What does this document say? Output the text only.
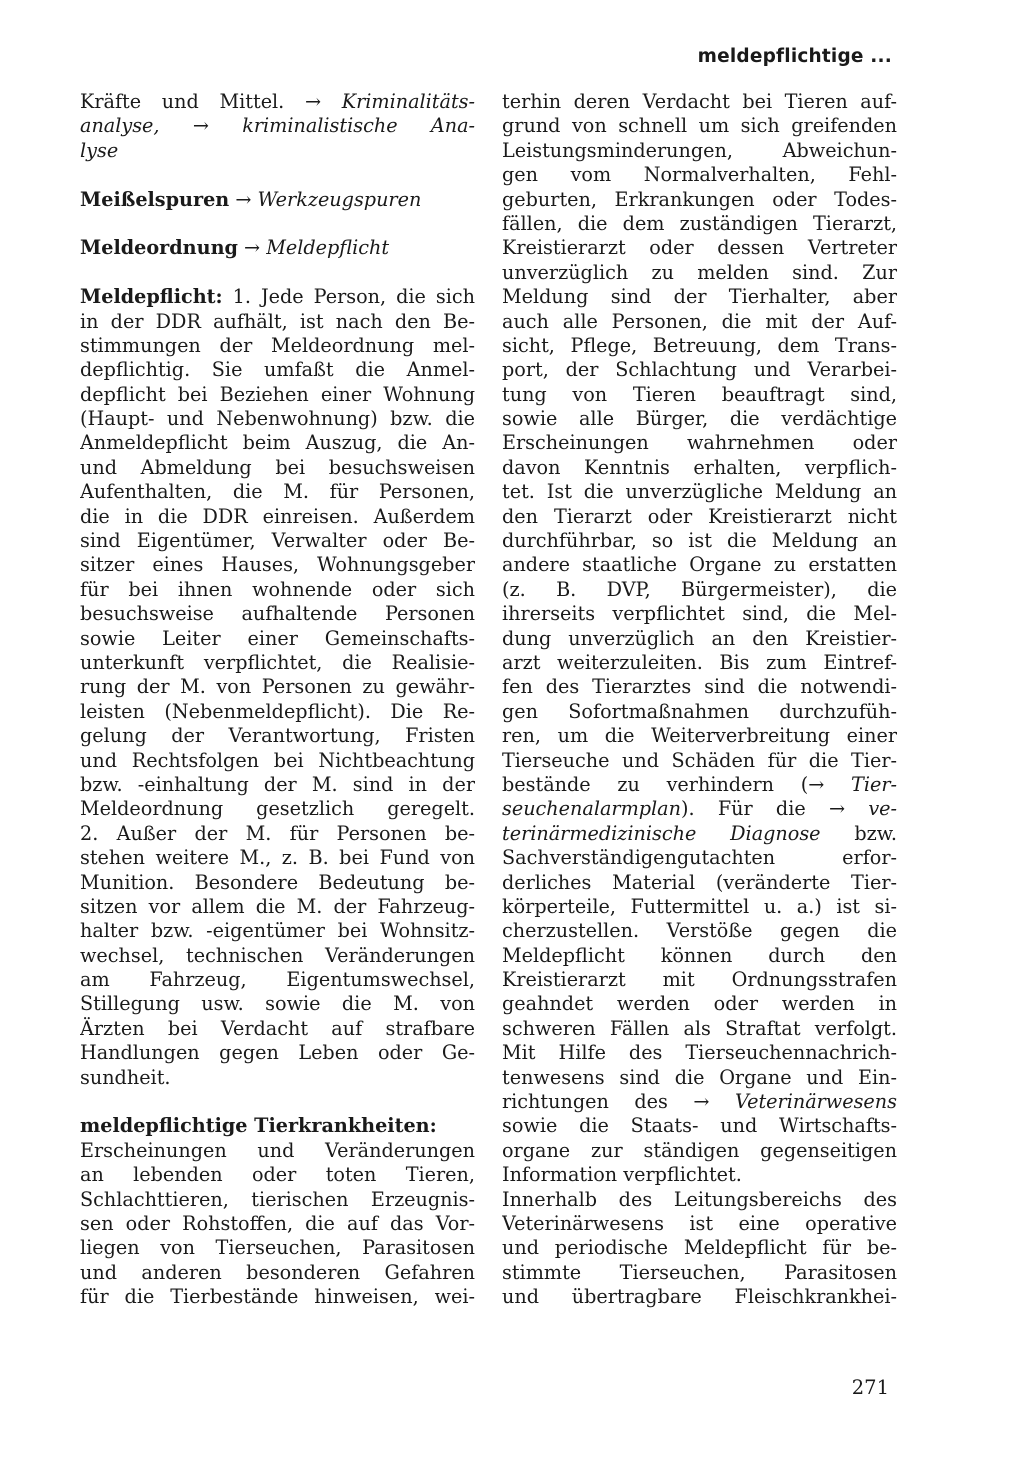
meldepflichtige ...
Kräfte und Mittel. → Kriminalitäts-
analyse, → kriminalistische Ana-
lyse
Meißelspuren → Werkzeugspuren
Meldeordnung → Meldepflicht
Meldepflicht: 1. Jede Person, die sich
in der DDR aufhält, ist nach den Be-
stimmungen der Meldeordnung mel-
depflichtig. Sie umfaßt die Anmel-
depflicht bei Beziehen einer Wohnung
(Haupt- und Nebenwohnung) bzw. die
Anmeldepflicht beim Auszug, die An-
und Abmeldung bei besuchsweisen
Aufenthalten, die M. für Personen,
die in die DDR einreisen. Außerdem
sind Eigentümer, Verwalter oder Be-
sitzer eines Hauses, Wohnungsgeber
für bei ihnen wohnende oder sich
besuchsweise aufhaltende Personen
sowie Leiter einer Gemeinschafts-
unterkunft verpflichtet, die Realisie-
rung der M. von Personen zu gewähr-
leisten (Nebenmeldepflicht). Die Re-
gelung der Verantwortung, Fristen
und Rechtsfolgen bei Nichtbeachtung
bzw. -einhaltung der M. sind in der
Meldeordnung gesetzlich geregelt.
2. Außer der M. für Personen be-
stehen weitere M., z. B. bei Fund von
Munition. Besondere Bedeutung be-
sitzen vor allem die M. der Fahrzeug-
halter bzw. -eigentümer bei Wohnsitz-
wechsel, technischen Veränderungen
am Fahrzeug, Eigentumswechsel,
Stillegung usw. sowie die M. von
Ärzten bei Verdacht auf strafbare
Handlungen gegen Leben oder Ge-
sundheit.
meldepflichtige Tierkrankheiten:
Erscheinungen und Veränderungen
an lebenden oder toten Tieren,
Schlachttieren, tierischen Erzeugnis-
sen oder Rohstoffen, die auf das Vor-
liegen von Tierseuchen, Parasitosen
und anderen besonderen Gefahren
für die Tierbestände hinweisen, wei-
terhin deren Verdacht bei Tieren auf-
grund von schnell um sich greifenden
Leistungsminderungen, Abweichun-
gen vom Normalverhalten, Fehl-
geburten, Erkrankungen oder Todes-
fällen, die dem zuständigen Tierarzt,
Kreistierarzt oder dessen Vertreter
unverzüglich zu melden sind. Zur
Meldung sind der Tierhalter, aber
auch alle Personen, die mit der Auf-
sicht, Pflege, Betreuung, dem Trans-
port, der Schlachtung und Verarbei-
tung von Tieren beauftragt sind,
sowie alle Bürger, die verdächtige
Erscheinungen wahrnehmen oder
davon Kenntnis erhalten, verpflich-
tet. Ist die unverzügliche Meldung an
den Tierarzt oder Kreistierarzt nicht
durchführbar, so ist die Meldung an
andere staatliche Organe zu erstatten
(z. B. DVP, Bürgermeister), die
ihrerseits verpflichtet sind, die Mel-
dung unverzüglich an den Kreistier-
arzt weiterzuleiten. Bis zum Eintref-
fen des Tierarztes sind die notwendi-
gen Sofortmaßnahmen durchzufüh-
ren, um die Weiterverbreitung einer
Tierseuche und Schäden für die Tier-
bestände zu verhindern (→ Tier-
seuchenalarmplan). Für die → ve-
terinärmedizinische Diagnose bzw.
Sachverständigengutachten erfor-
derliches Material (veränderte Tier-
körperteile, Futtermittel u. a.) ist si-
cherzustellen. Verstöße gegen die
Meldepflicht können durch den
Kreistierarzt mit Ordnungsstrafen
geahndet werden oder werden in
schweren Fällen als Straftat verfolgt.
Mit Hilfe des Tierseuchennachrich-
tenwesens sind die Organe und Ein-
richtungen des → Veterinärwesens
sowie die Staats- und Wirtschafts-
organe zur ständigen gegenseitigen
Information verpflichtet.
Innerhalb des Leitungsbereichs des
Veterinärwesens ist eine operative
und periodische Meldepflicht für be-
stimmte Tierseuchen, Parasitosen
und übertragbare Fleischkrankhei-
271
